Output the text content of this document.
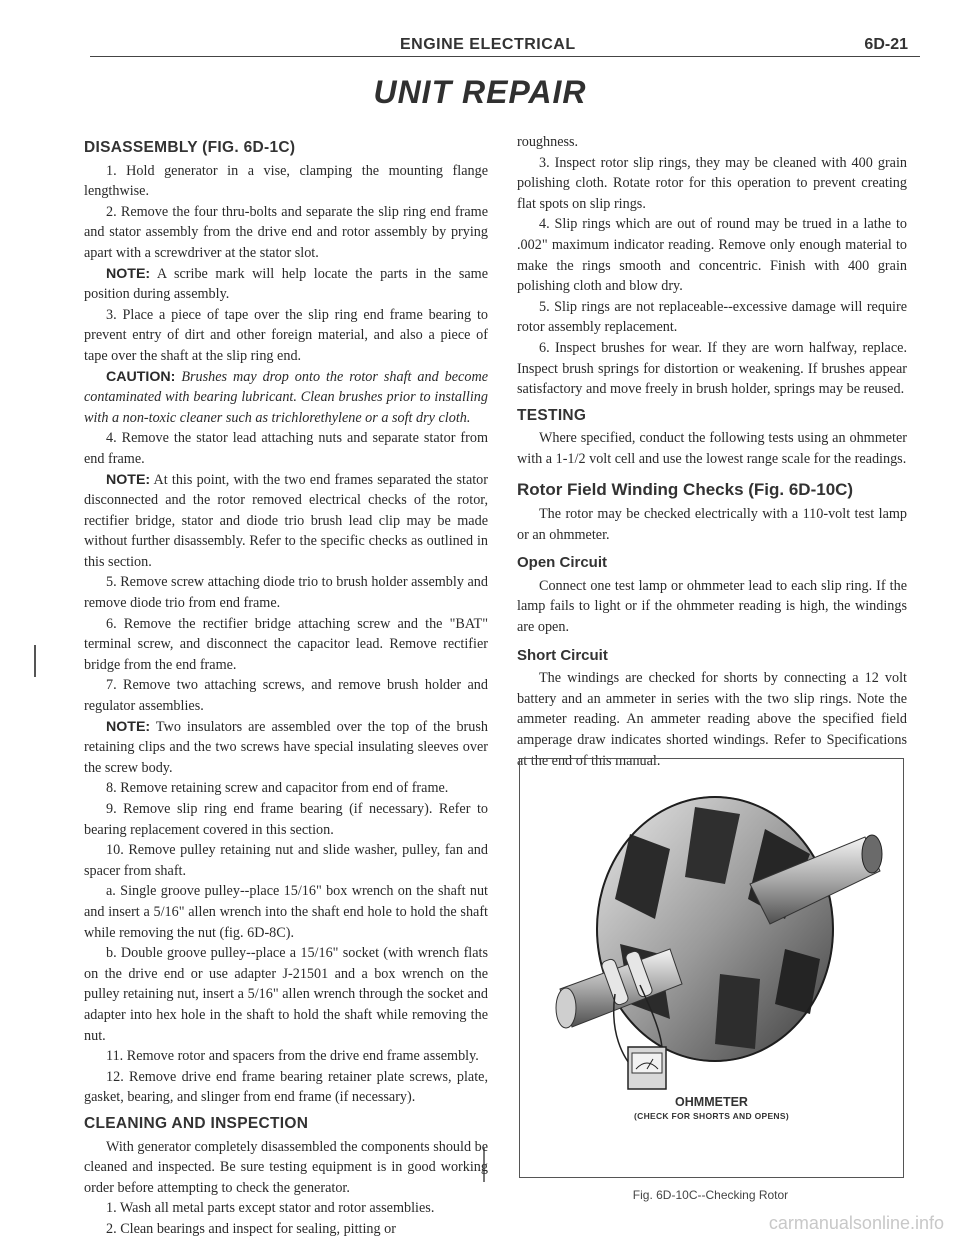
ENGINE ELECTRICAL	6D-21
UNIT REPAIR
DISASSEMBLY (FIG. 6D-1C)

1. Hold generator in a vise, clamping the mounting flange lengthwise.

2. Remove the four thru-bolts and separate the slip ring end frame and stator assembly from the drive end and rotor assembly by prying apart with a screwdriver at the stator slot.

NOTE: A scribe mark will help locate the parts in the same position during assembly.

3. Place a piece of tape over the slip ring end frame bearing to prevent entry of dirt and other foreign material, and also a piece of tape over the shaft at the slip ring end.

CAUTION: Brushes may drop onto the rotor shaft and become contaminated with bearing lubricant. Clean brushes prior to installing with a non-toxic cleaner such as trichlorethylene or a soft dry cloth.

4. Remove the stator lead attaching nuts and separate stator from end frame.

NOTE: At this point, with the two end frames separated the stator disconnected and the rotor removed electrical checks of the rotor, rectifier bridge, stator and diode trio brush lead clip may be made without further disassembly. Refer to the specific checks as outlined in this section.

5. Remove screw attaching diode trio to brush holder assembly and remove diode trio from end frame.

6. Remove the rectifier bridge attaching screw and the "BAT" terminal screw, and disconnect the capacitor lead. Remove rectifier bridge from the end frame.

7. Remove two attaching screws, and remove brush holder and regulator assemblies.

NOTE: Two insulators are assembled over the top of the brush retaining clips and the two screws have special insulating sleeves over the screw body.

8. Remove retaining screw and capacitor from end of frame.

9. Remove slip ring end frame bearing (if necessary). Refer to bearing replacement covered in this section.

10. Remove pulley retaining nut and slide washer, pulley, fan and spacer from shaft.

a. Single groove pulley--place 15/16" box wrench on the shaft nut and insert a 5/16" allen wrench into the shaft end hole to hold the shaft while removing the nut (fig. 6D-8C).

b. Double groove pulley--place a 15/16" socket (with wrench flats on the drive end or use adapter J-21501 and a box wrench on the pulley retaining nut, insert a 5/16" allen wrench through the socket and adapter into hex hole in the shaft to hold the shaft while removing the nut.

11. Remove rotor and spacers from the drive end frame assembly.

12. Remove drive end frame bearing retainer plate screws, plate, gasket, bearing, and slinger from end frame (if necessary).

CLEANING AND INSPECTION

With generator completely disassembled the components should be cleaned and inspected. Be sure testing equipment is in good working order before attempting to check the generator.

1. Wash all metal parts except stator and rotor assemblies.

2. Clean bearings and inspect for sealing, pitting or

roughness.

3. Inspect rotor slip rings, they may be cleaned with 400 grain polishing cloth. Rotate rotor for this operation to prevent creating flat spots on slip rings.

4. Slip rings which are out of round may be trued in a lathe to .002" maximum indicator reading. Remove only enough material to make the rings smooth and concentric. Finish with 400 grain polishing cloth and blow dry.

5. Slip rings are not replaceable--excessive damage will require rotor assembly replacement.

6. Inspect brushes for wear. If they are worn halfway, replace. Inspect brush springs for distortion or weakening. If brushes appear satisfactory and move freely in brush holder, springs may be reused.

TESTING

Where specified, conduct the following tests using an ohmmeter with a 1-1/2 volt cell and use the lowest range scale for the readings.

Rotor Field Winding Checks (Fig. 6D-10C)

The rotor may be checked electrically with a 110-volt test lamp or an ohmmeter.

Open Circuit

Connect one test lamp or ohmmeter lead to each slip ring. If the lamp fails to light or if the ohmmeter reading is high, the windings are open.

Short Circuit

The windings are checked for shorts by connecting a 12 volt battery and an ammeter in series with the two slip rings. Note the ammeter reading. An ammeter reading above the specified field amperage draw indicates shorted windings. Refer to Specifications at the end of this manual.

OHMMETER
(CHECK FOR SHORTS AND OPENS)
Fig. 6D-10C--Checking Rotor
carmanualsonline.info
